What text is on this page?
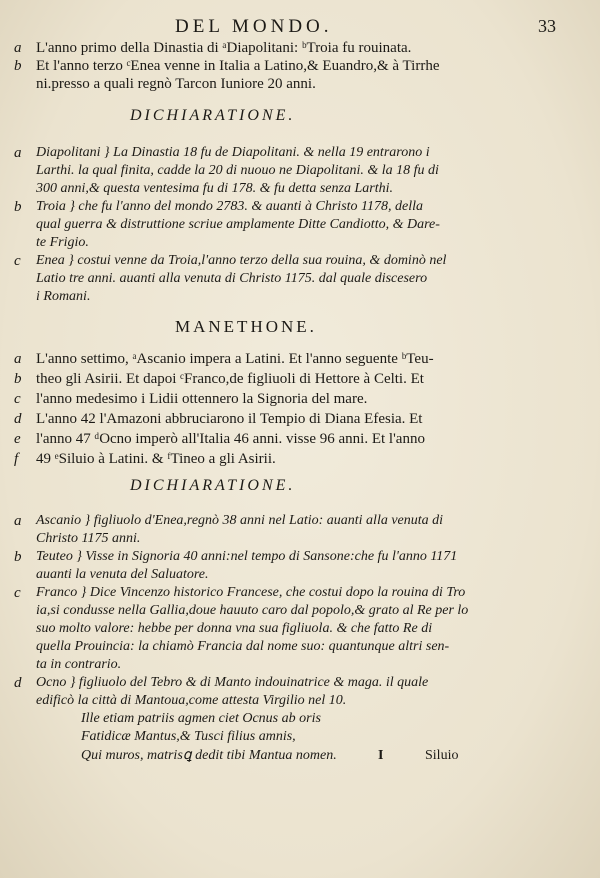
DEL MONDO.	33
a L'anno primo della Dinastia di ᵃDiapolitani: ᵇTroia fu rouinata.
b Et l'anno terzo ᶜEnea venne in Italia a Latino,& Euandro,& à Tirrhe
ni.presso a quali regnò Tarcon Iuniore 20 anni.
DICHIARATIONE.
a Diapolitani } La Dinastia 18 fu de Diapolitani. & nella 19 entrarono i
Larthi. la qual finita, cadde la 20 di nuouo ne Diapolitani. & la 18 fu di
300 anni,& questa ventesima fu di 178. & fu detta senza Larthi.
b Troia } che fu l'anno del mondo 2783. & auanti à Christo 1178, della
qual guerra & distruttione scriue amplamente Ditte Candiotto, & Dare-
te Frigio.
c Enea } costui venne da Troia,l'anno terzo della sua rouina, & dominò nel
Latio tre anni. auanti alla venuta di Christo 1175. dal quale discesero
i Romani.
MANETHONE.
a L'anno settimo, ᵃAscanio impera a Latini. Et l'anno seguente ᵇTeu-
b theo gli Asirii. Et dapoi ᶜFranco,de figliuoli di Hettore à Celti. Et
c l'anno medesimo i Lidii ottennero la Signoria del mare.
d L'anno 42 l'Amazoni abbruciarono il Tempio di Diana Efesia. Et
e l'anno 47 ᵈOcno imperò all'Italia 46 anni. visse 96 anni. Et l'anno
f 49 ᵉSiluio à Latini. & ᶠTineo a gli Asirii.
DICHIARATIONE.
a Ascanio } figliuolo d'Enea,regnò 38 anni nel Latio: auanti alla venuta di
Christo 1175 anni.
b Teuteo } Visse in Signoria 40 anni:nel tempo di Sansone:che fu l'anno 1171
auanti la venuta del Saluatore.
c Franco } Dice Vincenzo historico Francese, che costui dopo la rouina di Tro
ia,si condusse nella Gallia,doue hauuto caro dal popolo,& grato al Re per lo
suo molto valore: hebbe per donna vna sua figliuola. & che fatto Re di
quella Prouincia: la chiamò Francia dal nome suo: quantunque altri sen-
ta in contrario.
d Ocno } figliuolo del Tebro & di Manto indouinatrice & maga. il quale
edificò la città di Mantoua,come attesta Virgilio nel 10.
Ille etiam patriis agmen ciet Ocnus ab oris
Fatidicæ Mantus,& Tusci filius amnis,
Qui muros, matrisꝗ dedit tibi Mantua nomen.	I	Siluio
